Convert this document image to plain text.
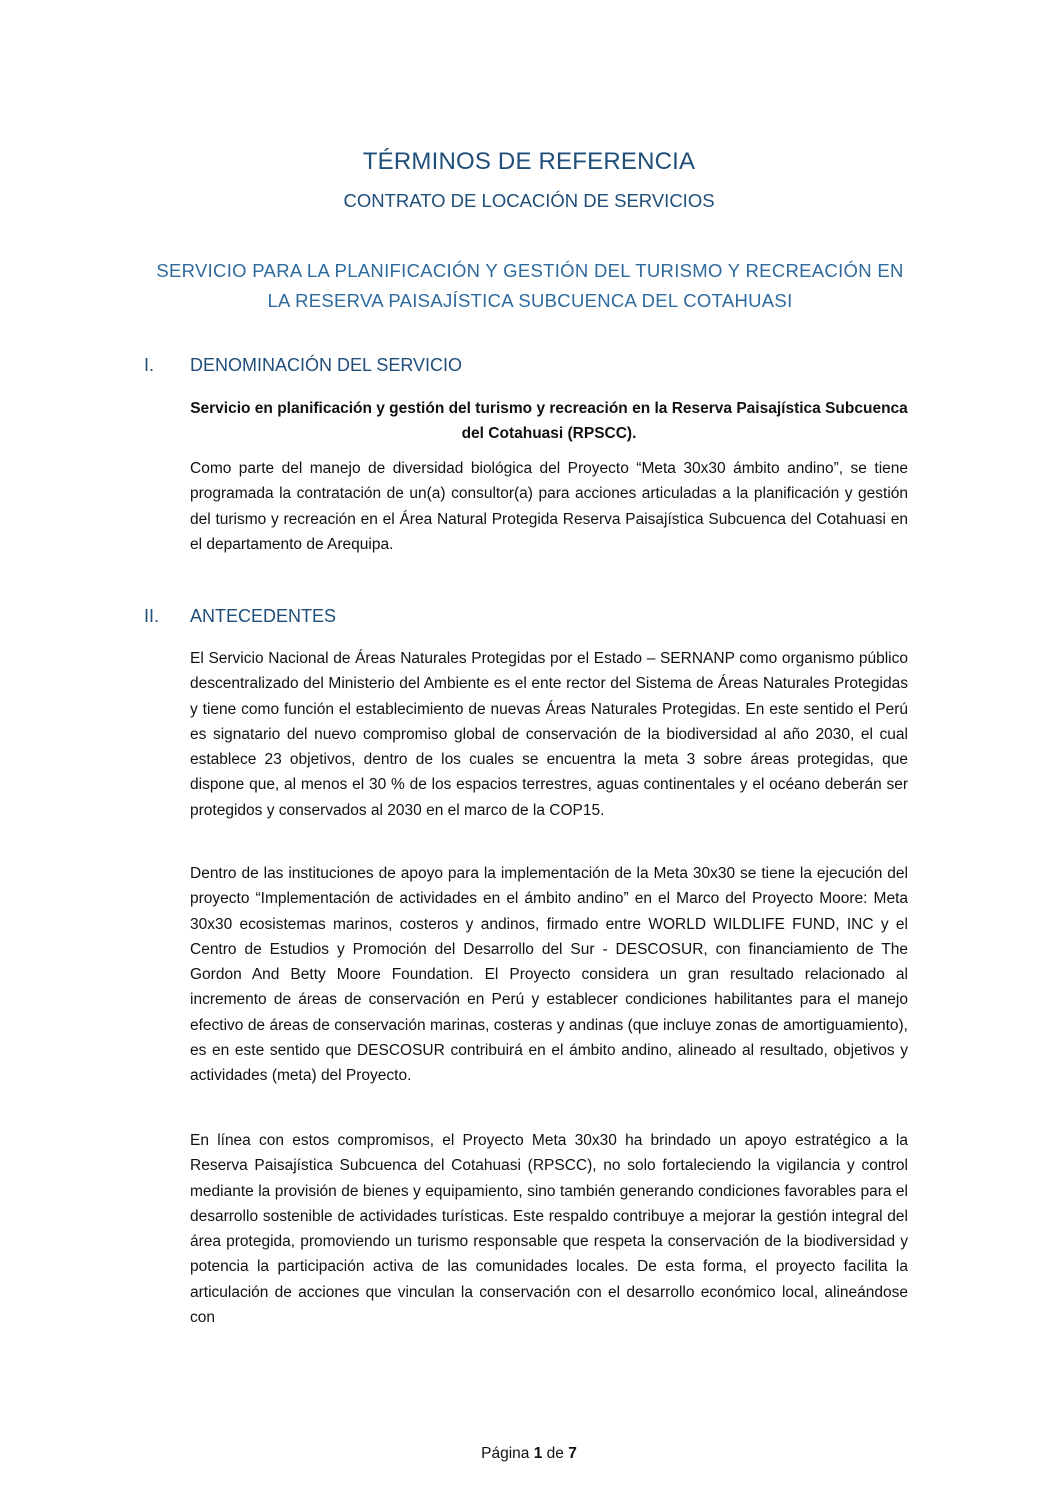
TÉRMINOS DE REFERENCIA
CONTRATO DE LOCACIÓN DE SERVICIOS
SERVICIO PARA LA PLANIFICACIÓN Y GESTIÓN DEL TURISMO Y RECREACIÓN EN LA RESERVA PAISAJÍSTICA SUBCUENCA DEL COTAHUASI
I. DENOMINACIÓN DEL SERVICIO
Servicio en planificación y gestión del turismo y recreación en la Reserva Paisajística Subcuenca del Cotahuasi (RPSCC).
Como parte del manejo de diversidad biológica del Proyecto “Meta 30x30 ámbito andino”, se tiene programada la contratación de un(a) consultor(a) para acciones articuladas a la planificación y gestión del turismo y recreación en el Área Natural Protegida Reserva Paisajística Subcuenca del Cotahuasi en el departamento de Arequipa.
II. ANTECEDENTES
El Servicio Nacional de Áreas Naturales Protegidas por el Estado – SERNANP como organismo público descentralizado del Ministerio del Ambiente es el ente rector del Sistema de Áreas Naturales Protegidas y tiene como función el establecimiento de nuevas Áreas Naturales Protegidas. En este sentido el Perú es signatario del nuevo compromiso global de conservación de la biodiversidad al año 2030, el cual establece 23 objetivos, dentro de los cuales se encuentra la meta 3 sobre áreas protegidas, que dispone que, al menos el 30 % de los espacios terrestres, aguas continentales y el océano deberán ser protegidos y conservados al 2030 en el marco de la COP15.
Dentro de las instituciones de apoyo para la implementación de la Meta 30x30 se tiene la ejecución del proyecto “Implementación de actividades en el ámbito andino” en el Marco del Proyecto Moore: Meta 30x30 ecosistemas marinos, costeros y andinos, firmado entre WORLD WILDLIFE FUND, INC y el Centro de Estudios y Promoción del Desarrollo del Sur - DESCOSUR, con financiamiento de The Gordon And Betty Moore Foundation. El Proyecto considera un gran resultado relacionado al incremento de áreas de conservación en Perú y establecer condiciones habilitantes para el manejo efectivo de áreas de conservación marinas, costeras y andinas (que incluye zonas de amortiguamiento), es en este sentido que DESCOSUR contribuirá en el ámbito andino, alineado al resultado, objetivos y actividades (meta) del Proyecto.
En línea con estos compromisos, el Proyecto Meta 30x30 ha brindado un apoyo estratégico a la Reserva Paisajística Subcuenca del Cotahuasi (RPSCC), no solo fortaleciendo la vigilancia y control mediante la provisión de bienes y equipamiento, sino también generando condiciones favorables para el desarrollo sostenible de actividades turísticas. Este respaldo contribuye a mejorar la gestión integral del área protegida, promoviendo un turismo responsable que respeta la conservación de la biodiversidad y potencia la participación activa de las comunidades locales. De esta forma, el proyecto facilita la articulación de acciones que vinculan la conservación con el desarrollo económico local, alineándose con
Página 1 de 7
